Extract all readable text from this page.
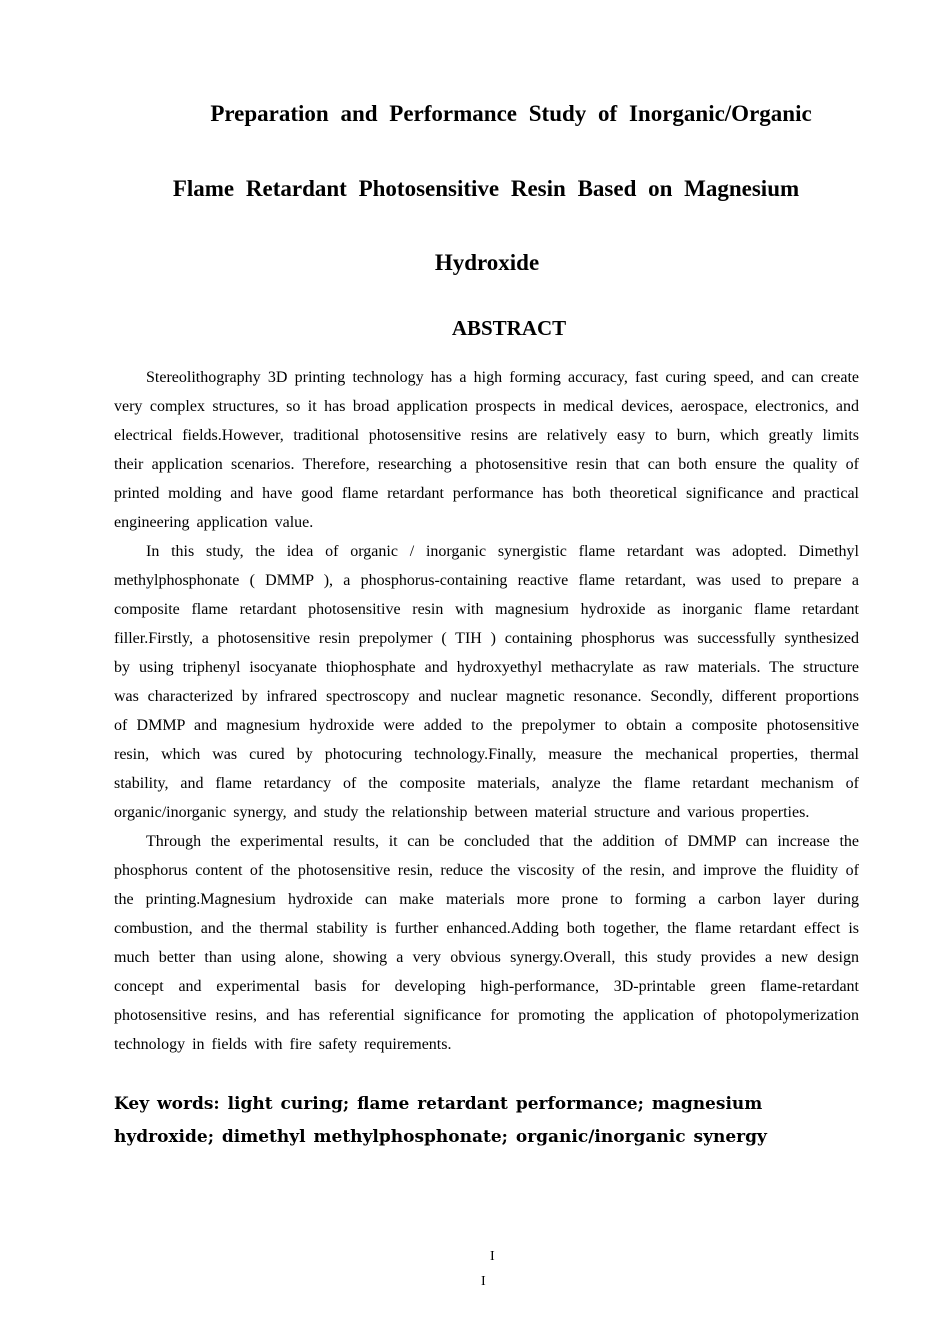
Preparation and Performance Study of Inorganic/Organic
Flame Retardant Photosensitive Resin Based on Magnesium
Hydroxide
ABSTRACT

Stereolithography 3D printing technology has a high forming accuracy, fast curing speed, and can create very complex structures, so it has broad application prospects in medical devices, aerospace, electronics, and electrical fields.However, traditional photosensitive resins are relatively easy to burn, which greatly limits their application scenarios. Therefore, researching a photosensitive resin that can both ensure the quality of printed molding and have good flame retardant performance has both theoretical significance and practical engineering application value.

In this study, the idea of organic / inorganic synergistic flame retardant was adopted. Dimethyl methylphosphonate ( DMMP ), a phosphorus-containing reactive flame retardant, was used to prepare a composite flame retardant photosensitive resin with magnesium hydroxide as inorganic flame retardant filler.Firstly, a photosensitive resin prepolymer ( TIH ) containing phosphorus was successfully synthesized by using triphenyl isocyanate thiophosphate and hydroxyethyl methacrylate as raw materials. The structure was characterized by infrared spectroscopy and nuclear magnetic resonance. Secondly, different proportions of DMMP and magnesium hydroxide were added to the prepolymer to obtain a composite photosensitive resin, which was cured by photocuring technology.Finally, measure the mechanical properties, thermal stability, and flame retardancy of the composite materials, analyze the flame retardant mechanism of organic/inorganic synergy, and study the relationship between material structure and various properties.

Through the experimental results, it can be concluded that the addition of DMMP can increase the phosphorus content of the photosensitive resin, reduce the viscosity of the resin, and improve the fluidity of the printing.Magnesium hydroxide can make materials more prone to forming a carbon layer during combustion, and the thermal stability is further enhanced.Adding both together, the flame retardant effect is much better than using alone, showing a very obvious synergy.Overall, this study provides a new design concept and experimental basis for developing high-performance, 3D-printable green flame-retardant photosensitive resins, and has referential significance for promoting the application of photopolymerization technology in fields with fire safety requirements.

Key words: light curing; flame retardant performance; magnesium hydroxide; dimethyl methylphosphonate; organic/inorganic synergy
I
I
